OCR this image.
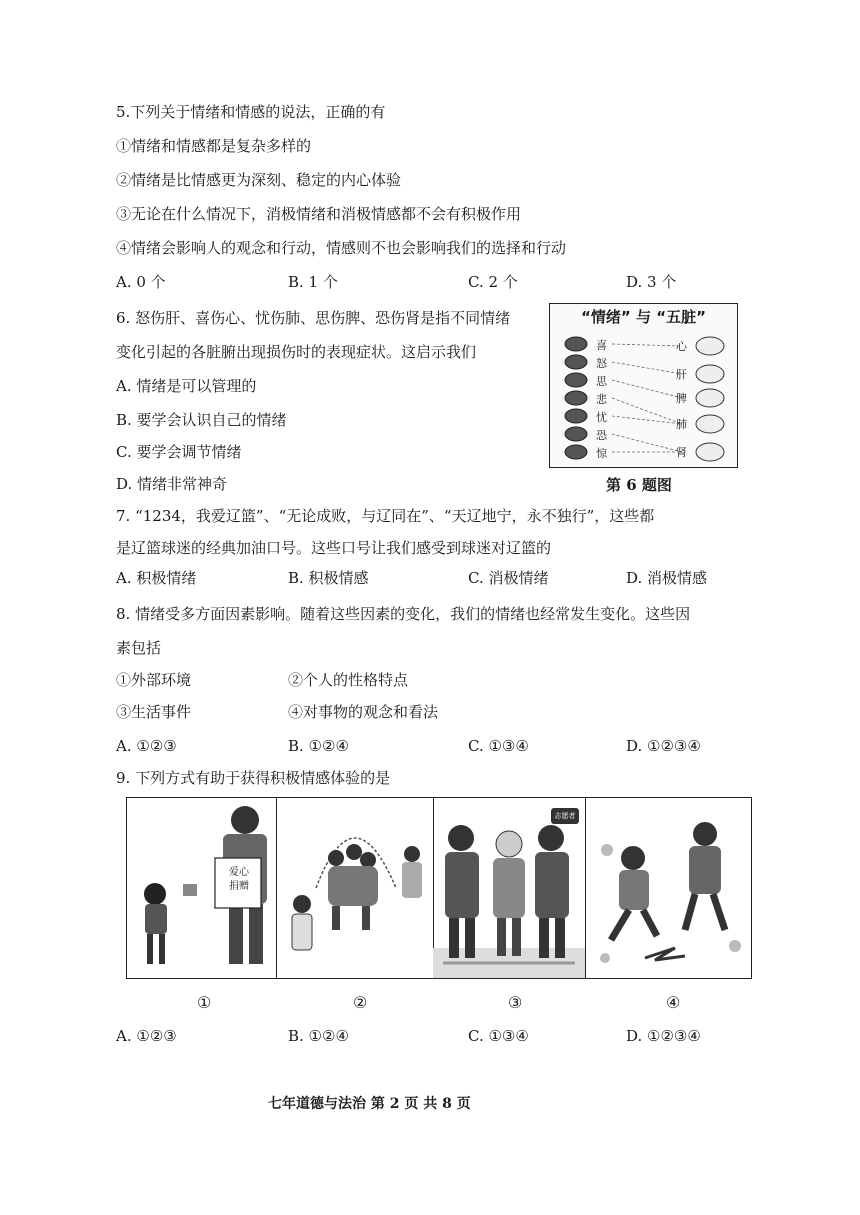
5.下列关于情绪和情感的说法，正确的有
①情绪和情感都是复杂多样的
②情绪是比情感更为深刻、稳定的内心体验
③无论在什么情况下，消极情绪和消极情感都不会有积极作用
④情绪会影响人的观念和行动，情感则不也会影响我们的选择和行动
A. 0 个	B. 1 个	C. 2 个	D. 3 个
6. 怒伤肝、喜伤心、忧伤肺、思伤脾、恐伤肾是指不同情绪
变化引起的各脏腑出现损伤时的表现症状。这启示我们
A. 情绪是可以管理的
B. 要学会认识自己的情绪
C. 要学会调节情绪
D. 情绪非常神奇
“情绪” 与 “五脏”
喜
怒
思
悲
忧
恐
惊
心
肝
脾
肺
肾
第 6 题图
7. “1234，我爱辽篮”、“无论成败，与辽同在”、“天辽地宁，永不独行”，这些都
是辽篮球迷的经典加油口号。这些口号让我们感受到球迷对辽篮的
A. 积极情绪	B. 积极情感	C. 消极情绪	D. 消极情感
8. 情绪受多方面因素影响。随着这些因素的变化，我们的情绪也经常发生变化。这些因
素包括
①外部环境	②个人的性格特点
③生活事件	④对事物的观念和看法
A. ①②③	B. ①②④	C. ①③④	D. ①②③④
9. 下列方式有助于获得积极情感体验的是
爱心
捐赠
志愿者
①	②	③	④
A. ①②③	B. ①②④	C. ①③④	D. ①②③④
七年道德与法治 第 2 页 共 8 页
